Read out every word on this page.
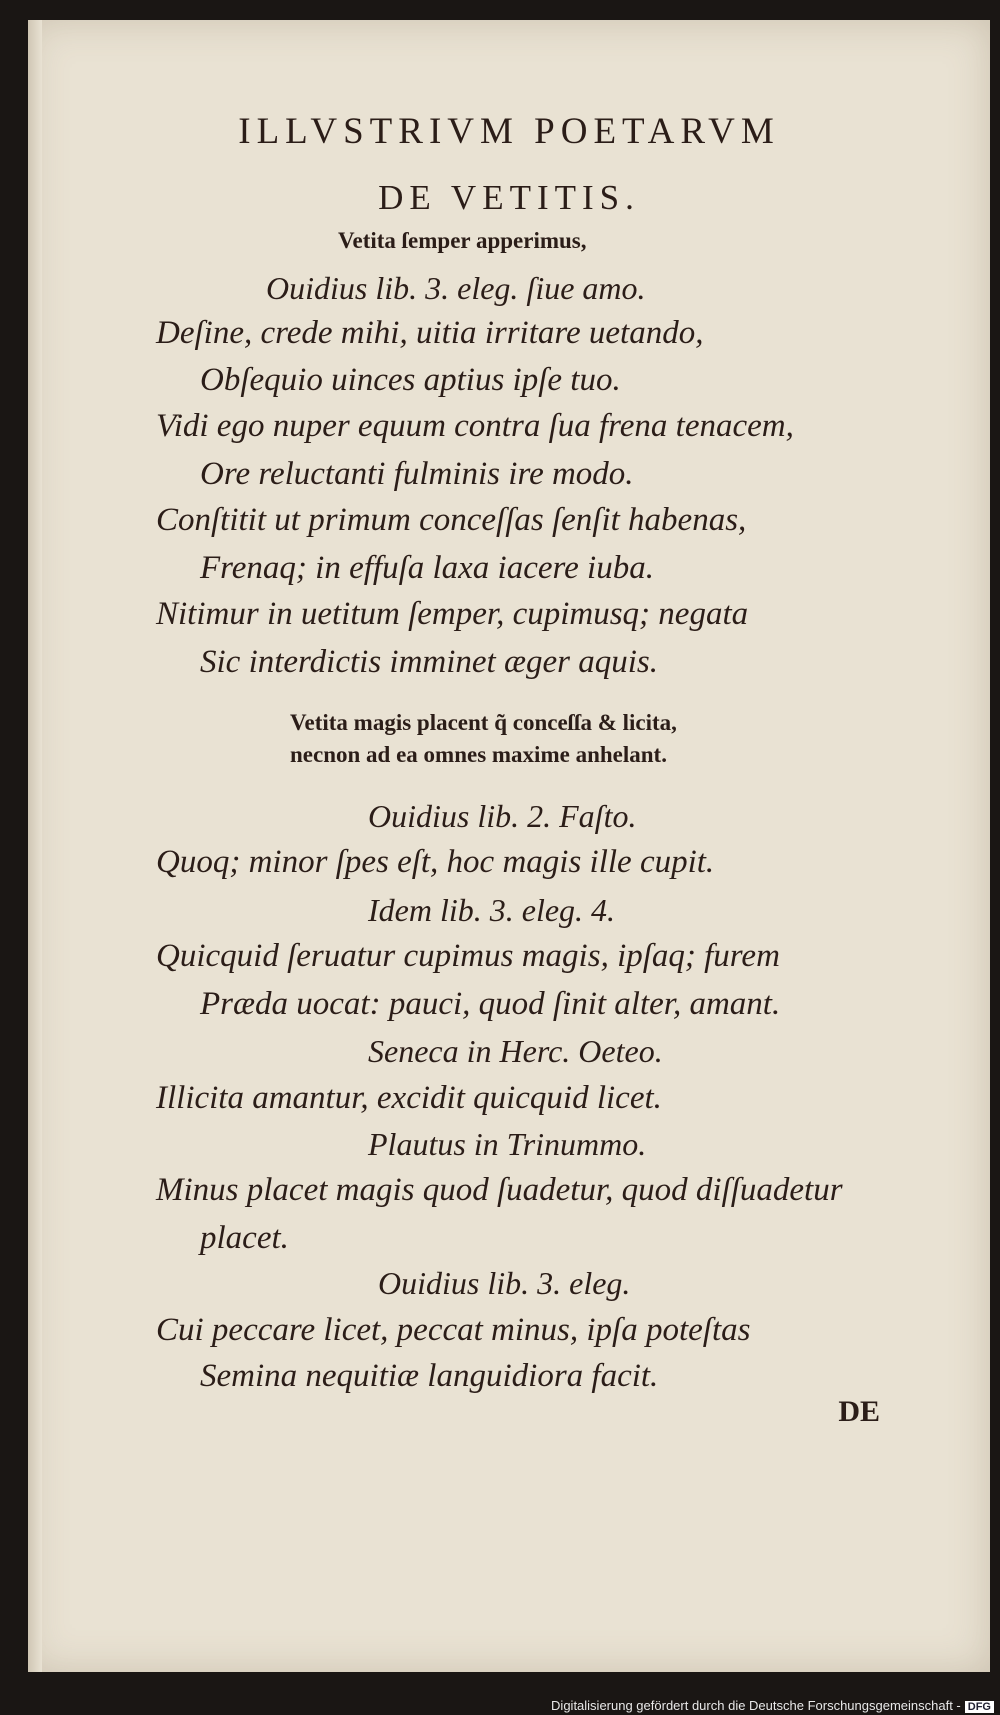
ILLVSTRIVM POETARVM
DE VETITIS.
Vetita ſemper apperimus,
Ouidius lib. 3. eleg. ſiue amo.
Deſine, crede mihi, uitia irritare uetando,
Obſequio uinces aptius ipſe tuo.
Vidi ego nuper equum contra ſua frena tenacem,
Ore reluctanti fulminis ire modo.
Conſtitit ut primum conceſſas ſenſit habenas,
Frenaq; in effuſa laxa iacere iuba.
Nitimur in uetitum ſemper, cupimusq; negata
Sic interdictis imminet æger aquis.
Vetita magis placent q̃ conceſſa & licita,
necnon ad ea omnes maxime anhelant.
Ouidius lib. 2. Faſto.
Quoq; minor ſpes eſt, hoc magis ille cupit.
Idem lib. 3. eleg. 4.
Quicquid ſeruatur cupimus magis, ipſaq; furem
Præda uocat: pauci, quod ſinit alter, amant.
Seneca in Herc. Oeteo.
Illicita amantur, excidit quicquid licet.
Plautus in Trinummo.
Minus placet magis quod ſuadetur, quod diſſuadetur
placet.
Ouidius lib. 3. eleg.
Cui peccare licet, peccat minus, ipſa poteſtas
Semina nequitiæ languidiora facit.
DE
Digitalisierung gefördert durch die Deutsche Forschungsgemeinschaft - DFG
